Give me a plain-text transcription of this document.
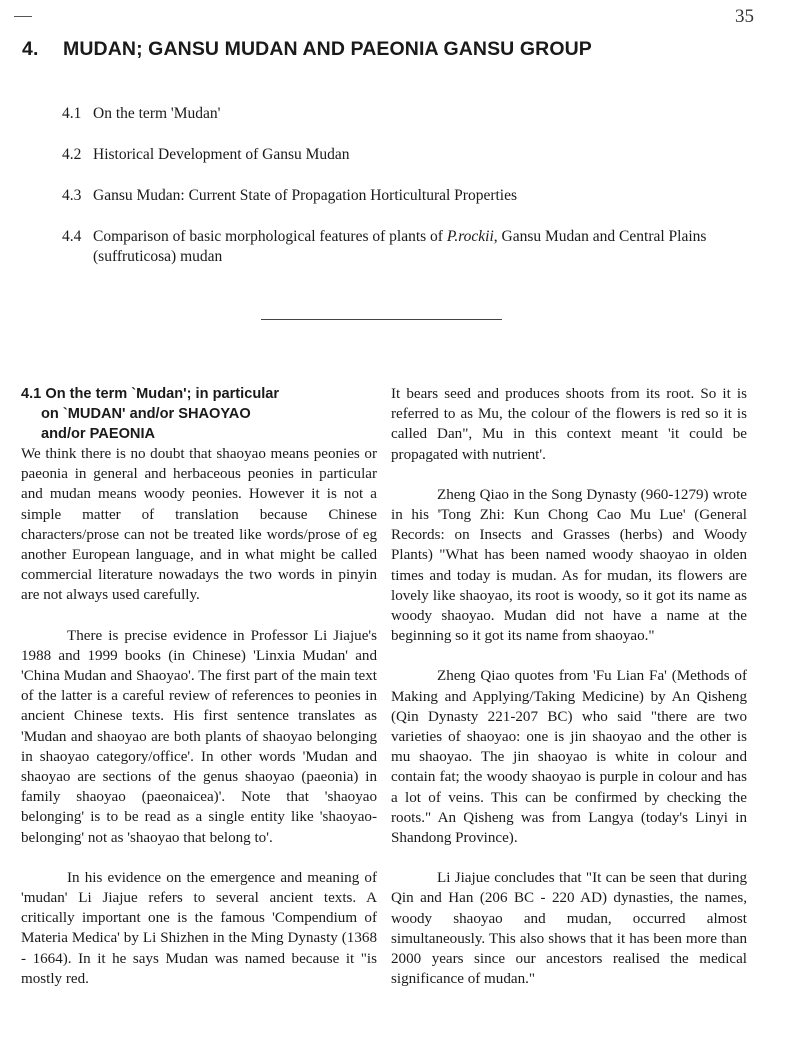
35
4. MUDAN; GANSU MUDAN AND PAEONIA GANSU GROUP
4.1 On the term 'Mudan'
4.2 Historical Development of Gansu Mudan
4.3 Gansu Mudan: Current State of Propagation Horticultural Properties
4.4 Comparison of basic morphological features of plants of P.rockii, Gansu Mudan and Central Plains (suffruticosa) mudan
4.1 On the term `Mudan'; in particular
on `MUDAN' and/or SHAOYAO
and/or PAEONIA

We think there is no doubt that shaoyao means peonies or paeonia in general and herbaceous peonies in particular and mudan means woody peonies. However it is not a simple matter of translation because Chinese characters/prose can not be treated like words/prose of eg another European language, and in what might be called commercial literature nowadays the two words in pinyin are not always used carefully.

There is precise evidence in Professor Li Jiajue's 1988 and 1999 books (in Chinese) 'Linxia Mudan' and 'China Mudan and Shaoyao'. The first part of the main text of the latter is a careful review of references to peonies in ancient Chinese texts. His first sentence translates as 'Mudan and shaoyao are both plants of shaoyao belonging in shaoyao category/office'. In other words 'Mudan and shaoyao are sections of the genus shaoyao (paeonia) in family shaoyao (paeonaicea)'. Note that 'shaoyao belonging' is to be read as a single entity like 'shaoyao-belonging' not as 'shaoyao that belong to'.

In his evidence on the emergence and meaning of 'mudan' Li Jiajue refers to several ancient texts. A critically important one is the famous 'Compendium of Materia Medica' by Li Shizhen in the Ming Dynasty (1368 - 1664). In it he says Mudan was named because it "is mostly red.

It bears seed and produces shoots from its root. So it is referred to as Mu, the colour of the flowers is red so it is called Dan", Mu in this context meant 'it could be propagated with nutrient'.

Zheng Qiao in the Song Dynasty (960-1279) wrote in his 'Tong Zhi: Kun Chong Cao Mu Lue' (General Records: on Insects and Grasses (herbs) and Woody Plants) "What has been named woody shaoyao in olden times and today is mudan. As for mudan, its flowers are lovely like shaoyao, its root is woody, so it got its name as woody shaoyao. Mudan did not have a name at the beginning so it got its name from shaoyao."

Zheng Qiao quotes from 'Fu Lian Fa' (Methods of Making and Applying/Taking Medicine) by An Qisheng (Qin Dynasty 221-207 BC) who said "there are two varieties of shaoyao: one is jin shaoyao and the other is mu shaoyao. The jin shaoyao is white in colour and contain fat; the woody shaoyao is purple in colour and has a lot of veins. This can be confirmed by checking the roots." An Qisheng was from Langya (today's Linyi in Shandong Province).

Li Jiajue concludes that "It can be seen that during Qin and Han (206 BC - 220 AD) dynasties, the names, woody shaoyao and mudan, occurred almost simultaneously. This also shows that it has been more than 2000 years since our ancestors realised the medical significance of mudan."
